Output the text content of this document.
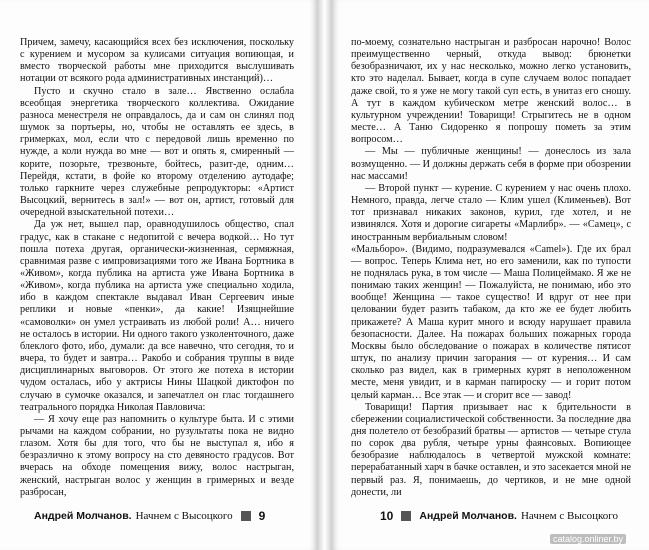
Причем, замечу, касающийся всех без исключения, поскольку с курением и мусором за кулисами ситуация вопиющая, и вместо творческой работы мне приходится выслушивать нотации от всякого рода административных инстанций)…

Пусто и скучно стало в зале… Явственно ослабла всеобщая энергетика творческого коллектива. Ожидание разноса менестреля не оправдалось, да и сам он слинял под шумок за портьеры, но, чтобы не оставлять ее здесь, в гримерках, мол, если что с передовой лишь временно по нужде, а коли нужда во мне — вот и опять я, смиренный — корите, позорьте, трезвоньте, бойтесь, разит-де, одним… Перейдя, кстати, в фойе ко второму отделению аутодафе; только гаркните через служебные репродукторы: «Артист Высоцкий, вернитесь в зал!» — вот он, артист, готовый для очередной взыскательной потехи…

Да уж нет, вышел пар, оравнодушилось общество, спал градус, как в стакане с недопитой с вечера водкой… Но тут пошла потеха другая, органически-жизненная, сермяжная, сравнимая разве с импровизациями того же Ивана Бортника в «Живом», когда публика на артиста уже Ивана Бортника в «Живом», когда публика на артиста уже специально ходила, ибо в каждом спектакле выдавал Иван Сергеевич иные реплики и новые «пенки», да какие! Изящнейшие «самоволки» он умел устраивать из любой роли! А… ничего не осталось в истории. Ни одного такого узколенточного, даже блеклого фото, ибо, думали: да все навечно, что сегодня, то и вчера, то будет и завтра… Ракобо и собрания труппы в виде дисциплинарных выговоров. От этого же потеха в истории чудом осталась, ибо у актрисы Нины Шацкой диктофон по случаю в сумочке оказался, и запечатлел он глас тогдашнего театрального порядка Николая Павловича:

— Я хочу еще раз напомнить о культуре быта. И с этими рычами на каждом собрании, но рузультаты пока не видно глазом. Хотя бы для того, что бы не выступал я, ибо я безразлично к этому вопросу на сто девяносто градусов. Вот вчерась на обходе помещения вижу, волос настрыган, женский, настрыган волос у женщин в гримерных и везде разбросан,

Андрей Молчанов. Начнем с Высоцкого 9

по-моему, сознательно настрыган и разбросан нарочно! Волос преимущественно черный, откуда вывод: брюнетки безобразничают, их у нас несколько, можно легко установить, кто это наделал. Бывает, когда в супе случаем волос попадает даже свой, то я уже не могу такой суп есть, в унитаз его сношу. А тут в каждом кубическом метре женский волос… в культурном учреждении! Товарищи! Стрыгитесь не в одном месте… А Таню Сидоренко я попрошу пометь за этим вопросом…

— Мы — публичные женщины! — донеслось из зала возмущенно. — И должны держать себя в форме при обозрении нас массами!

— Второй пункт — курение. С курением у нас очень плохо. Немного, правда, легче стало — Клим ушел (Клименьев). Вот тот признавал никаких законов, курил, где хотел, и не извинялся. Хотя и дорогие сигареты «Марлибр». — «Самец», с иностранным вербиальным словом!

«Мальборо». (Видимо, подразумевался «Camel»). Где их брал — вопрос. Теперь Клима нет, но его заменили, как по тупости не поднялась рука, в том числе — Маша Полицеймако. Я же не понимаю таких женщин! — Пожалуйста, не понимаю, ибо это вообще! Женщина — такое существо! И вдруг от нее при целовании будет разить табаком, да кто же ее будет любить прикажете? А Маша курит много и всюду нарушает правила безопасности. Далее. На пожарах больших пожарных города Москвы было обследование о пожарах в количестве пятисот штук, по анализу причин загорания — от курения… И сам сколько раз видел, как в гримерных курят в неположенном месте, меня увидит, и в карман папироску — и горит потом целый карман… Все этак — и сгорит все — завод!

Товарищи! Партия призывает нас к бдительности в сбережении социалистической собственности. За последние два дня полетело от безобразий братвы — артистов — четыре стула по сорок два рубля, четыре урны фаянсовых. Вопиющее безобразие наблюдалось в четвертой мужской комнате: перерабатанный харч в бачке оставлен, и это засекается мной не первый раз. Я, понимаешь, до чертиков, и не мне одной донести, ли

10 Андрей Молчанов. Начнем с Высоцкого
catalog.onliner.by
